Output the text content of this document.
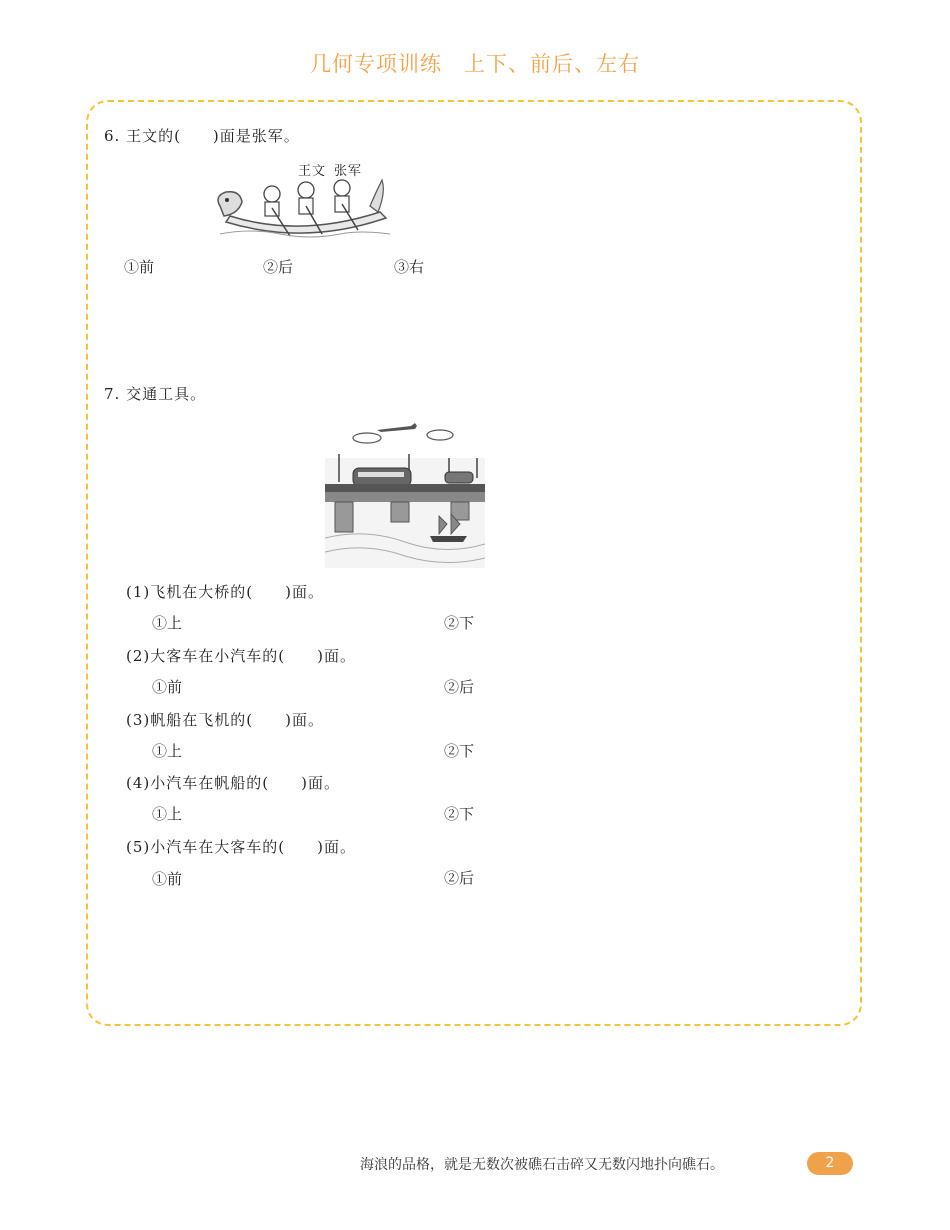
几何专项训练　上下、前后、左右
6. 王文的(　　)面是张军。
王文 张军
①前	②后	③右
7. 交通工具。
(1)飞机在大桥的(　　)面。
①上	②下
(2)大客车在小汽车的(　　)面。
①前	②后
(3)帆船在飞机的(　　)面。
①上	②下
(4)小汽车在帆船的(　　)面。
①上	②下
(5)小汽车在大客车的(　　)面。
①前	②后
海浪的品格，就是无数次被礁石击碎又无数闪地扑向礁石。	2
